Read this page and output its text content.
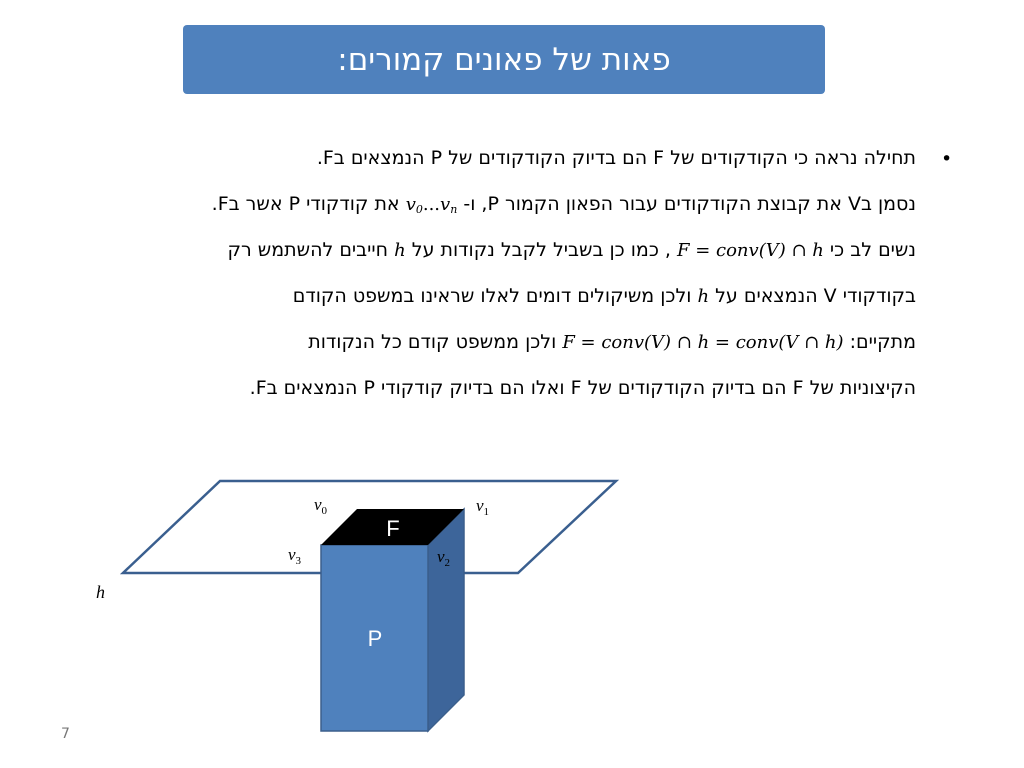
פאות של פאונים קמורים:
•
תחילה נראה כי הקודקודים של F הם בדיוק הקודקודים של P הנמצאים בF.
נסמן בV את קבוצת הקודקודים עבור הפאון הקמור P, ו- $v_0...v_n$ את קודקודי P אשר בF.
נשים לב כי F = conv(V) ∩ h , כמו כן בשביל לקבל נקודות על h חייבים להשתמש רק
בקודקודי V הנמצאים על h ולכן משיקולים דומים לאלו שראינו במשפט הקודם
מתקיים: F = conv(V) ∩ h = conv(V ∩ h) ולכן ממשפט קודם כל הנקודות
הקיצוניות של F הם בדיוק הקודקודים של F ואלו הם בדיוק קודקודי P הנמצאים בF.
F
P
h
$v_0$	$v_1$
$v_2$
$v_3$
7
